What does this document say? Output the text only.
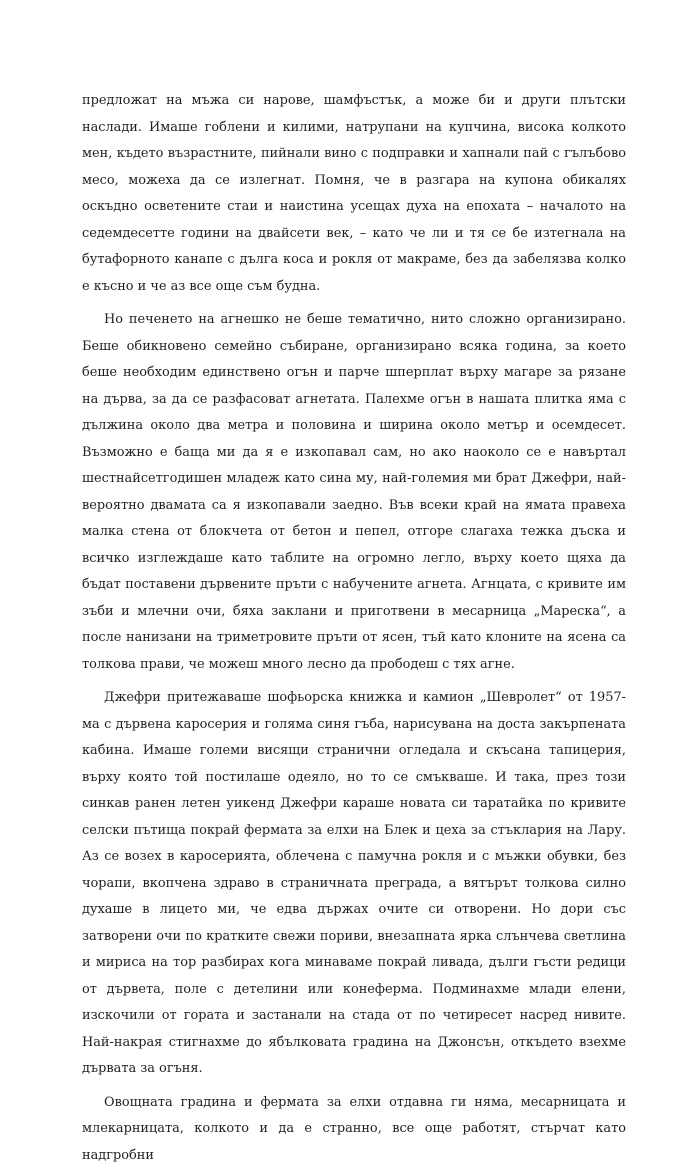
предложат на мъжа си нарове, шамфъстък, а може би и други плътски наслади. Имаше гоблени и килими, натрупани на купчина, висока колкото мен, където възрастните, пийнали вино с подправки и хапнали пай с гълъбово месо, можеха да се излегнат. Помня, че в разгара на купона обикалях оскъдно осветените стаи и наистина усещах духа на епохата – началото на седемдесетте години на двайсети век, – като че ли и тя се бе изтегнала на бутафорното канапе с дълга коса и рокля от макраме, без да забелязва колко е късно и че аз все още съм будна.

Но печенето на агнешко не беше тематично, нито сложно организирано. Беше обикновено семейно събиране, организирано всяка година, за което беше необходим единствено огън и парче шперплат върху магаре за рязане на дърва, за да се разфасоват агнетата. Палехме огън в нашата плитка яма с дължина около два метра и половина и ширина около метър и осемдесет. Възможно е баща ми да я е изкопавал сам, но ако наоколо се е навъртал шестнайсетгодишен младеж като сина му, най-големия ми брат Джефри, най-вероятно двамата са я изкопавали заедно. Във всеки край на ямата правеха малка стена от блокчета от бетон и пепел, отгоре слагаха тежка дъска и всичко изглеждаше като таблите на огромно легло, върху което щяха да бъдат поставени дървените пръти с набучените агнета. Агнцата, с кривите им зъби и млечни очи, бяха заклани и приготвени в месарница „Мареска“, а после нанизани на триметровите пръти от ясен, тъй като клоните на ясена са толкова прави, че можеш много лесно да прободеш с тях агне.

Джефри притежаваше шофьорска книжка и камион „Шевролет“ от 1957-ма с дървена каросерия и голяма синя гъба, нарисувана на доста закърпената кабина. Имаше големи висящи странични огледала и скъсана тапицерия, върху която той постилаше одеяло, но то се смъкваше. И така, през този синкав ранен летен уикенд Джефри караше новата си таратайка по кривите селски пътища покрай фермата за елхи на Блек и цеха за стъклария на Лару. Аз се возех в каросерията, облечена с памучна рокля и с мъжки обувки, без чорапи, вкопчена здраво в страничната преграда, а вятърът толкова силно духаше в лицето ми, че едва държах очите си отворени. Но дори със затворени очи по кратките свежи пориви, внезапната ярка слънчева светлина и мириса на тор разбирах кога минаваме покрай ливада, дълги гъсти редици от дървета, поле с детелини или конеферма. Подминахме млади елени, изскочили от гората и застанали на стада от по четиресет насред нивите. Най-накрая стигнахме до ябълковата градина на Джонсън, откъдето взехме дървата за огъня.

Овощната градина и фермата за елхи отдавна ги няма, месарницата и млекарницата, колкото и да е странно, все още работят, стърчат като надгробни
